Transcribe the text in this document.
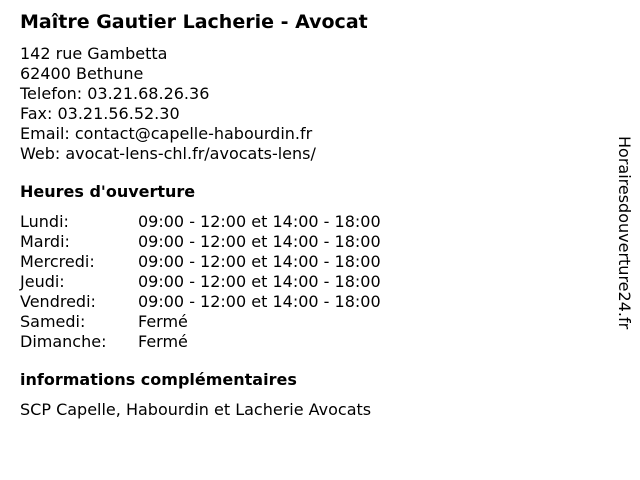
Maître Gautier Lacherie - Avocat
142 rue Gambetta
62400 Bethune
Telefon: 03.21.68.26.36
Fax: 03.21.56.52.30
Email: contact@capelle-habourdin.fr
Web: avocat-lens-chl.fr/avocats-lens/
Heures d'ouverture
Lundi:	09:00 - 12:00 et 14:00 - 18:00
Mardi:	09:00 - 12:00 et 14:00 - 18:00
Mercredi:	09:00 - 12:00 et 14:00 - 18:00
Jeudi:	09:00 - 12:00 et 14:00 - 18:00
Vendredi:	09:00 - 12:00 et 14:00 - 18:00
Samedi:	Fermé
Dimanche:	Fermé
informations complémentaires
SCP Capelle, Habourdin et Lacherie Avocats
Horairesdouverture24.fr
